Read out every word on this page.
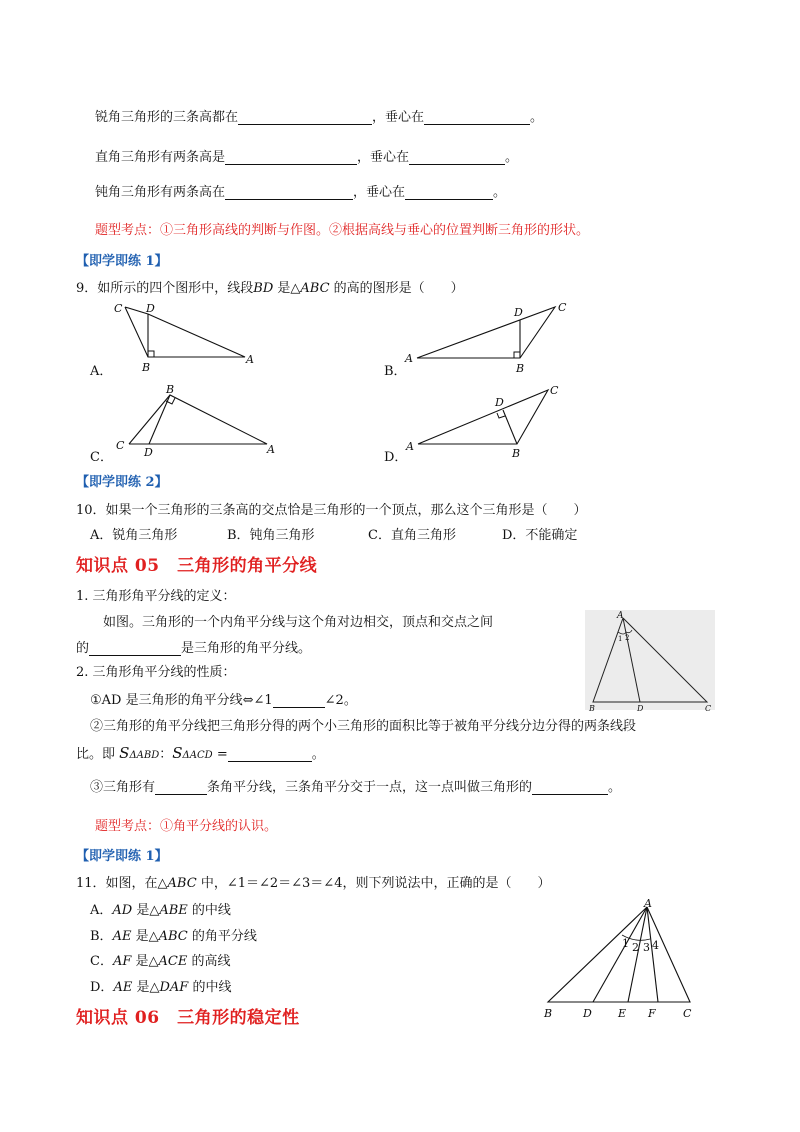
锐角三角形的三条高都在	，垂心在	。
直角三角形有两条高是	，垂心在	。
钝角三角形有两条高在	，垂心在	。
题型考点：①三角形高线的判断与作图。②根据高线与垂心的位置判断三角形的形状。
【即学即练 1】
9．如所示的四个图形中，线段BD 是△ABC 的高的图形是（　　）
C D
B
A
A．
A
D	C
B
B．
B
C
D	A
C．
A
D
C
B
D．
【即学即练 2】
10．如果一个三角形的三条高的交点恰是三角形的一个顶点，那么这个三角形是（　　）
A．锐角三角形	B．钝角三角形	C．直角三角形	D．不能确定
知识点 05　三角形的角平分线
1. 三角形角平分线的定义：
如图。三角形的一个内角平分线与这个角对边相交，顶点和交点之间
的	是三角形的角平分线。
2. 三角形角平分线的性质：
①AD 是三角形的角平分线⇔∠1	∠2。
②三角形的角平分线把三角形分得的两个小三角形的面积比等于被角平分线分边分得的两条线段
比。即 SΔABD：SΔACD =	。
③三角形有	条角平分线，三条角平分交于一点，这一点叫做三角形的	。
题型考点：①角平分线的认识。
A
1 2
B	D	C
【即学即练 1】
11．如图，在△ABC 中，∠1＝∠2＝∠3＝∠4，则下列说法中，正确的是（　　）
A．AD 是△ABE 的中线
B．AE 是△ABC 的角平分线
C．AF 是△ACE 的高线
D．AE 是△DAF 的中线
A
1 2 3 4
B	D E F C
知识点 06　三角形的稳定性
